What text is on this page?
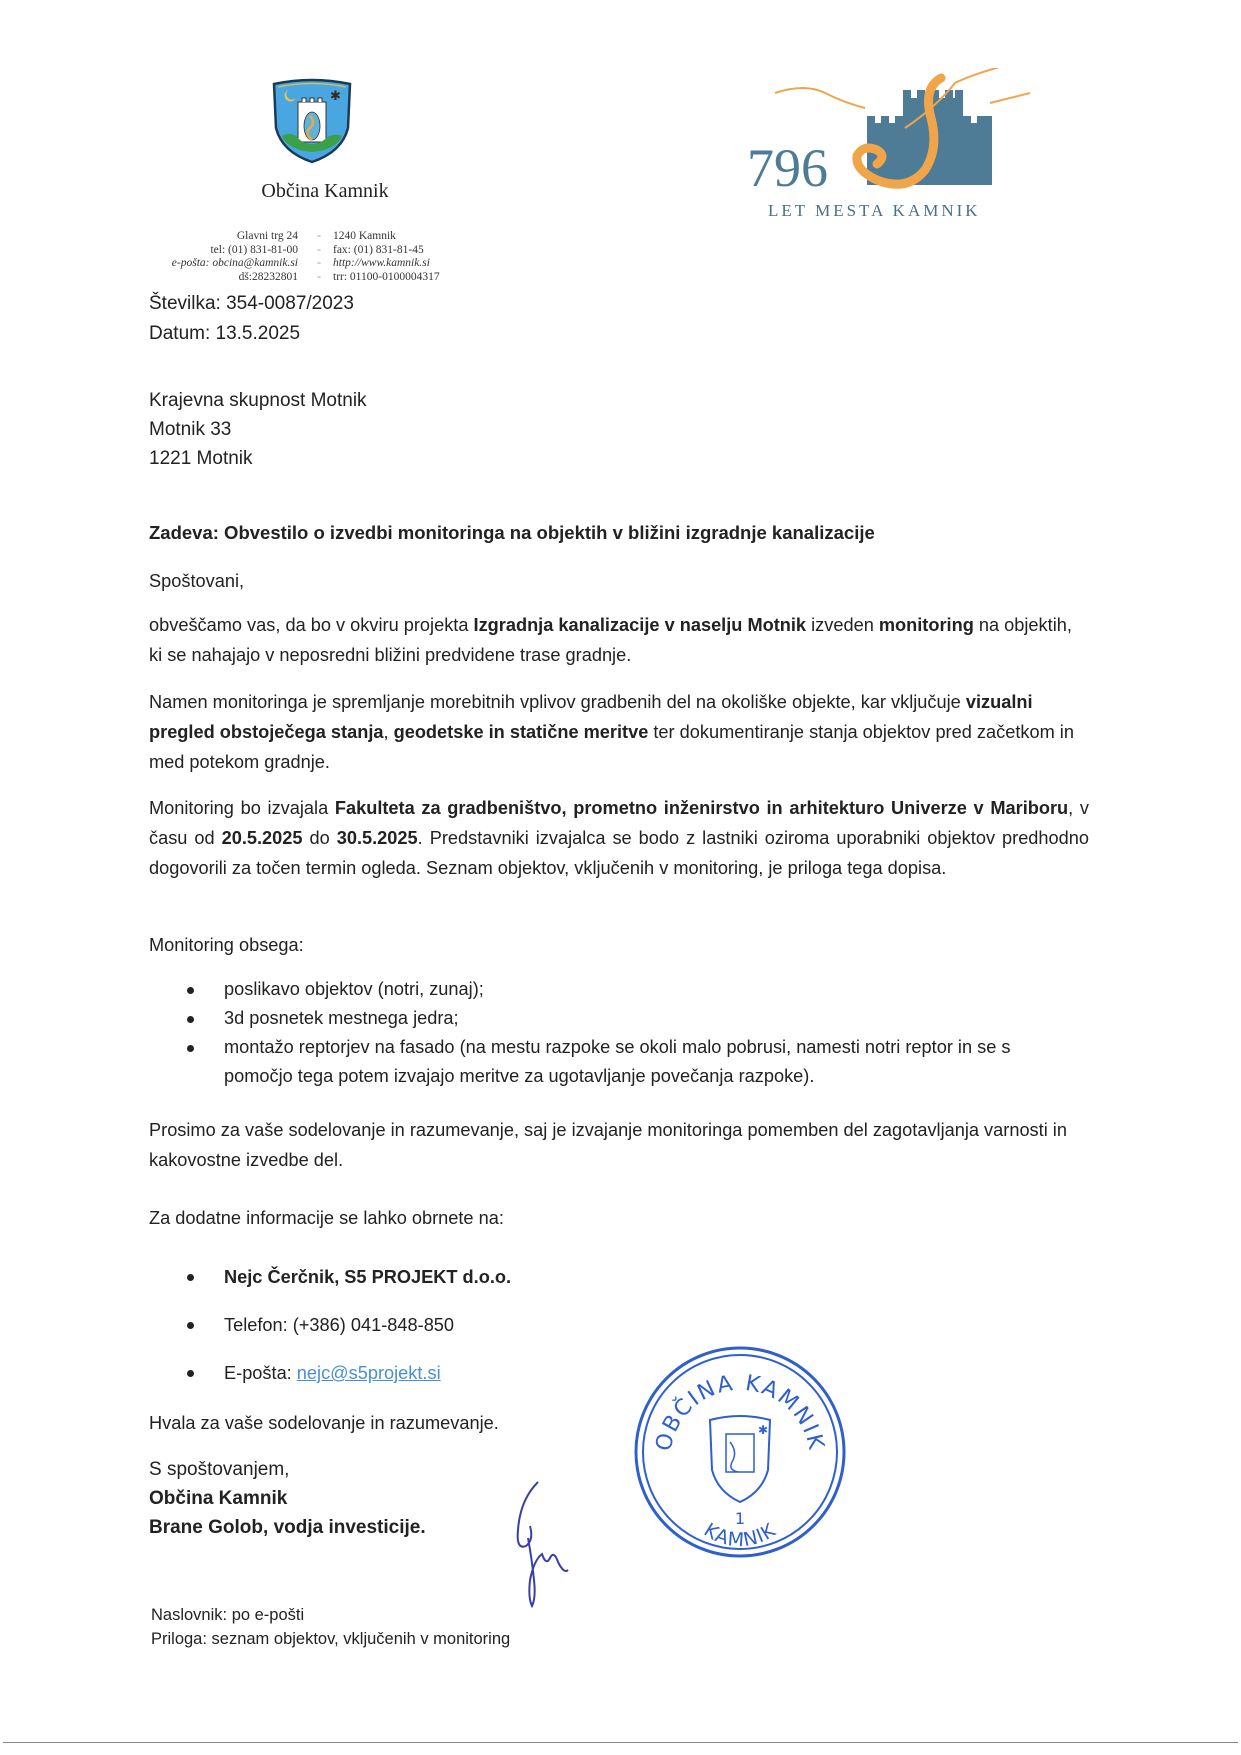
✱
Občina Kamnik
Glavni trg 24
tel: (01) 831-81-00
e-pošta: obcina@kamnik.si
dš:28232801
-
-
-
-
1240 Kamnik
fax: (01) 831-81-45
http://www.kamnik.si
trr: 01100-0100004317
796
LET MESTA KAMNIK
Številka: 354-0087/2023
Datum: 13.5.2025
Krajevna skupnost Motnik
Motnik 33
1221 Motnik
Zadeva: Obvestilo o izvedbi monitoringa na objektih v bližini izgradnje kanalizacije
Spoštovani,
obveščamo vas, da bo v okviru projekta Izgradnja kanalizacije v naselju Motnik izveden monitoring na objektih, ki se nahajajo v neposredni bližini predvidene trase gradnje.
Namen monitoringa je spremljanje morebitnih vplivov gradbenih del na okoliške objekte, kar vključuje vizualni pregled obstoječega stanja, geodetske in statične meritve ter dokumentiranje stanja objektov pred začetkom in med potekom gradnje.
Monitoring bo izvajala Fakulteta za gradbeništvo, prometno inženirstvo in arhitekturo Univerze v Mariboru, v času od 20.5.2025 do 30.5.2025. Predstavniki izvajalca se bodo z lastniki oziroma uporabniki objektov predhodno dogovorili za točen termin ogleda. Seznam objektov, vključenih v monitoring, je priloga tega dopisa.
Monitoring obsega:
poslikavo objektov (notri, zunaj);
3d posnetek mestnega jedra;
montažo reptorjev na fasado (na mestu razpoke se okoli malo pobrusi, namesti notri reptor in se s pomočjo tega potem izvajajo meritve za ugotavljanje povečanja razpoke).
Prosimo za vaše sodelovanje in razumevanje, saj je izvajanje monitoringa pomemben del zagotavljanja varnosti in kakovostne izvedbe del.
Za dodatne informacije se lahko obrnete na:
Nejc Čerčnik, S5 PROJEKT d.o.o.
Telefon: (+386) 041-848-850
E-pošta: nejc@s5projekt.si
Hvala za vaše sodelovanje in razumevanje.
S spoštovanjem,
Občina Kamnik
Brane Golob, vodja investicije.
OBČINA KAMNIK
✱
1
KAMNIK
Naslovnik: po e-pošti
Priloga: seznam objektov, vključenih v monitoring
